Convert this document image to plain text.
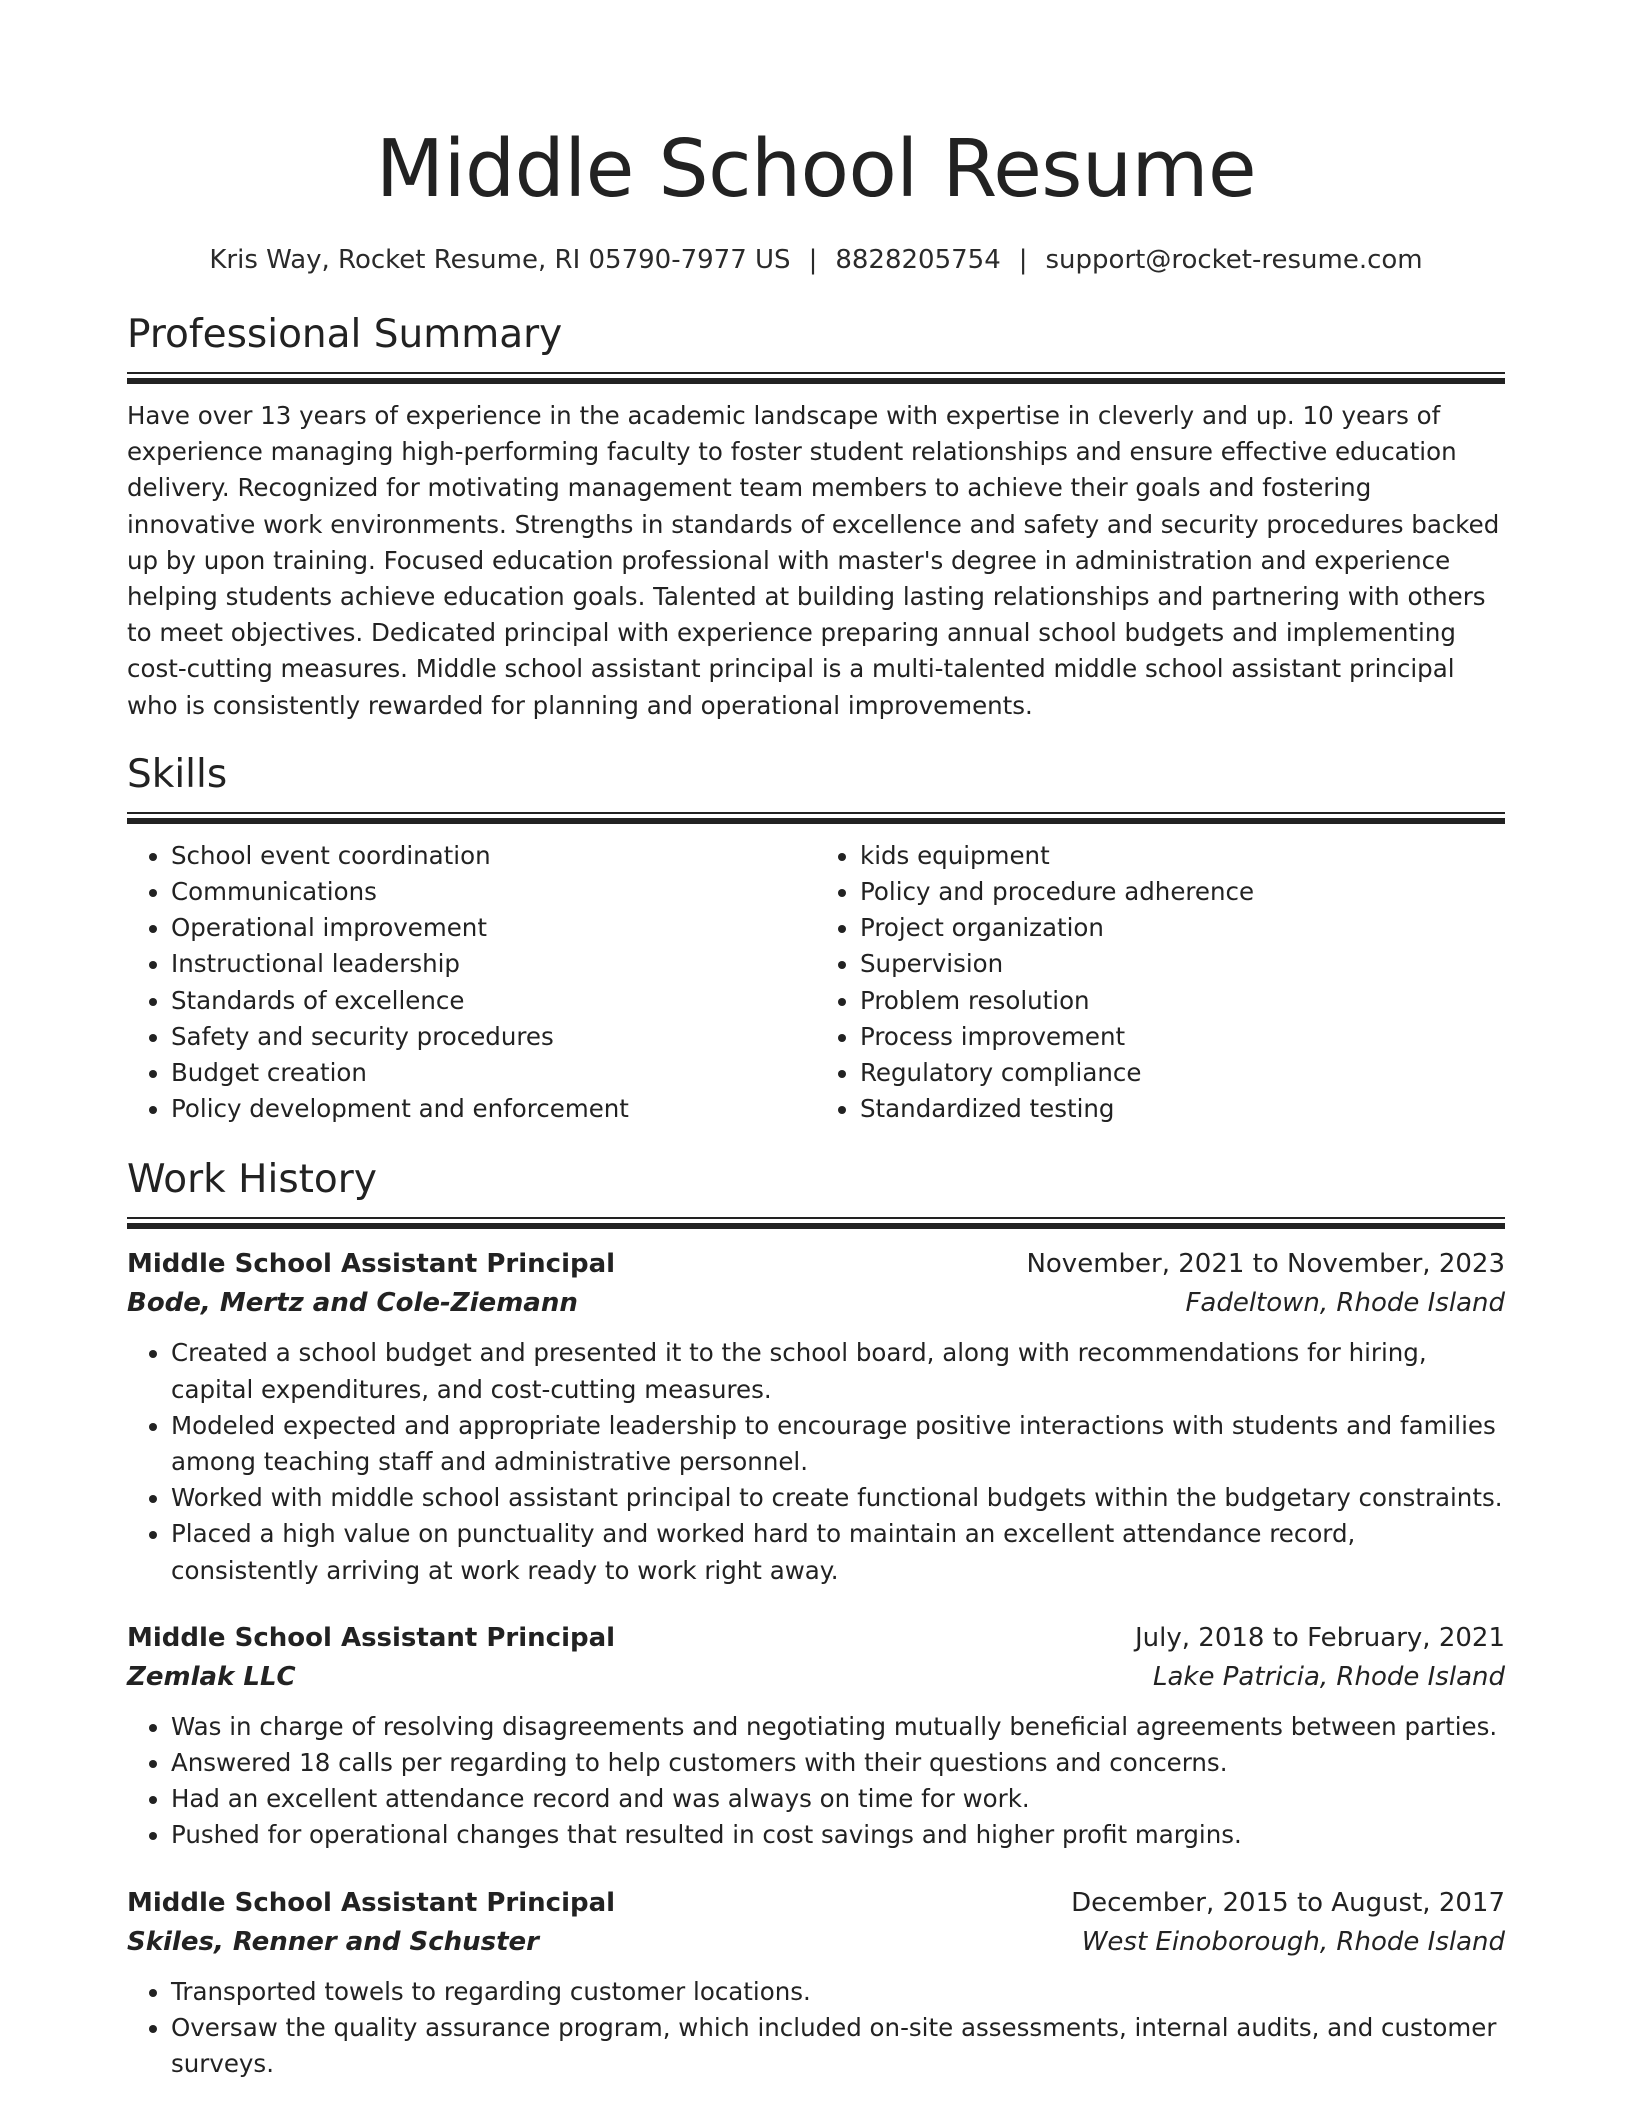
Middle School Resume
Kris Way, Rocket Resume, RI 05790-7977 US | 8828205754 | support@rocket-resume.com
Professional Summary

Have over 13 years of experience in the academic landscape with expertise in cleverly and up. 10 years of experience managing high-performing faculty to foster student relationships and ensure effective education delivery. Recognized for motivating management team members to achieve their goals and fostering innovative work environments. Strengths in standards of excellence and safety and security procedures backed up by upon training. Focused education professional with master's degree in administration and experience helping students achieve education goals. Talented at building lasting relationships and partnering with others to meet objectives. Dedicated principal with experience preparing annual school budgets and implementing cost-cutting measures. Middle school assistant principal is a multi-talented middle school assistant principal who is consistently rewarded for planning and operational improvements.

Skills
• School event coordination
• Communications
• Operational improvement
• Instructional leadership
• Standards of excellence
• Safety and security procedures
• Budget creation
• Policy development and enforcement
• kids equipment
• Policy and procedure adherence
• Project organization
• Supervision
• Problem resolution
• Process improvement
• Regulatory compliance
• Standardized testing
Work History
Middle School Assistant Principal	November, 2021 to November, 2023
Bode, Mertz and Cole-Ziemann	Fadeltown, Rhode Island
• Created a school budget and presented it to the school board, along with recommendations for hiring, capital expenditures, and cost-cutting measures.
• Modeled expected and appropriate leadership to encourage positive interactions with students and families among teaching staff and administrative personnel.
• Worked with middle school assistant principal to create functional budgets within the budgetary constraints.
• Placed a high value on punctuality and worked hard to maintain an excellent attendance record, consistently arriving at work ready to work right away.
Middle School Assistant Principal	July, 2018 to February, 2021
Zemlak LLC	Lake Patricia, Rhode Island
• Was in charge of resolving disagreements and negotiating mutually beneficial agreements between parties.
• Answered 18 calls per regarding to help customers with their questions and concerns.
• Had an excellent attendance record and was always on time for work.
• Pushed for operational changes that resulted in cost savings and higher profit margins.
Middle School Assistant Principal	December, 2015 to August, 2017
Skiles, Renner and Schuster	West Einoborough, Rhode Island
• Transported towels to regarding customer locations.
• Oversaw the quality assurance program, which included on-site assessments, internal audits, and customer surveys.
